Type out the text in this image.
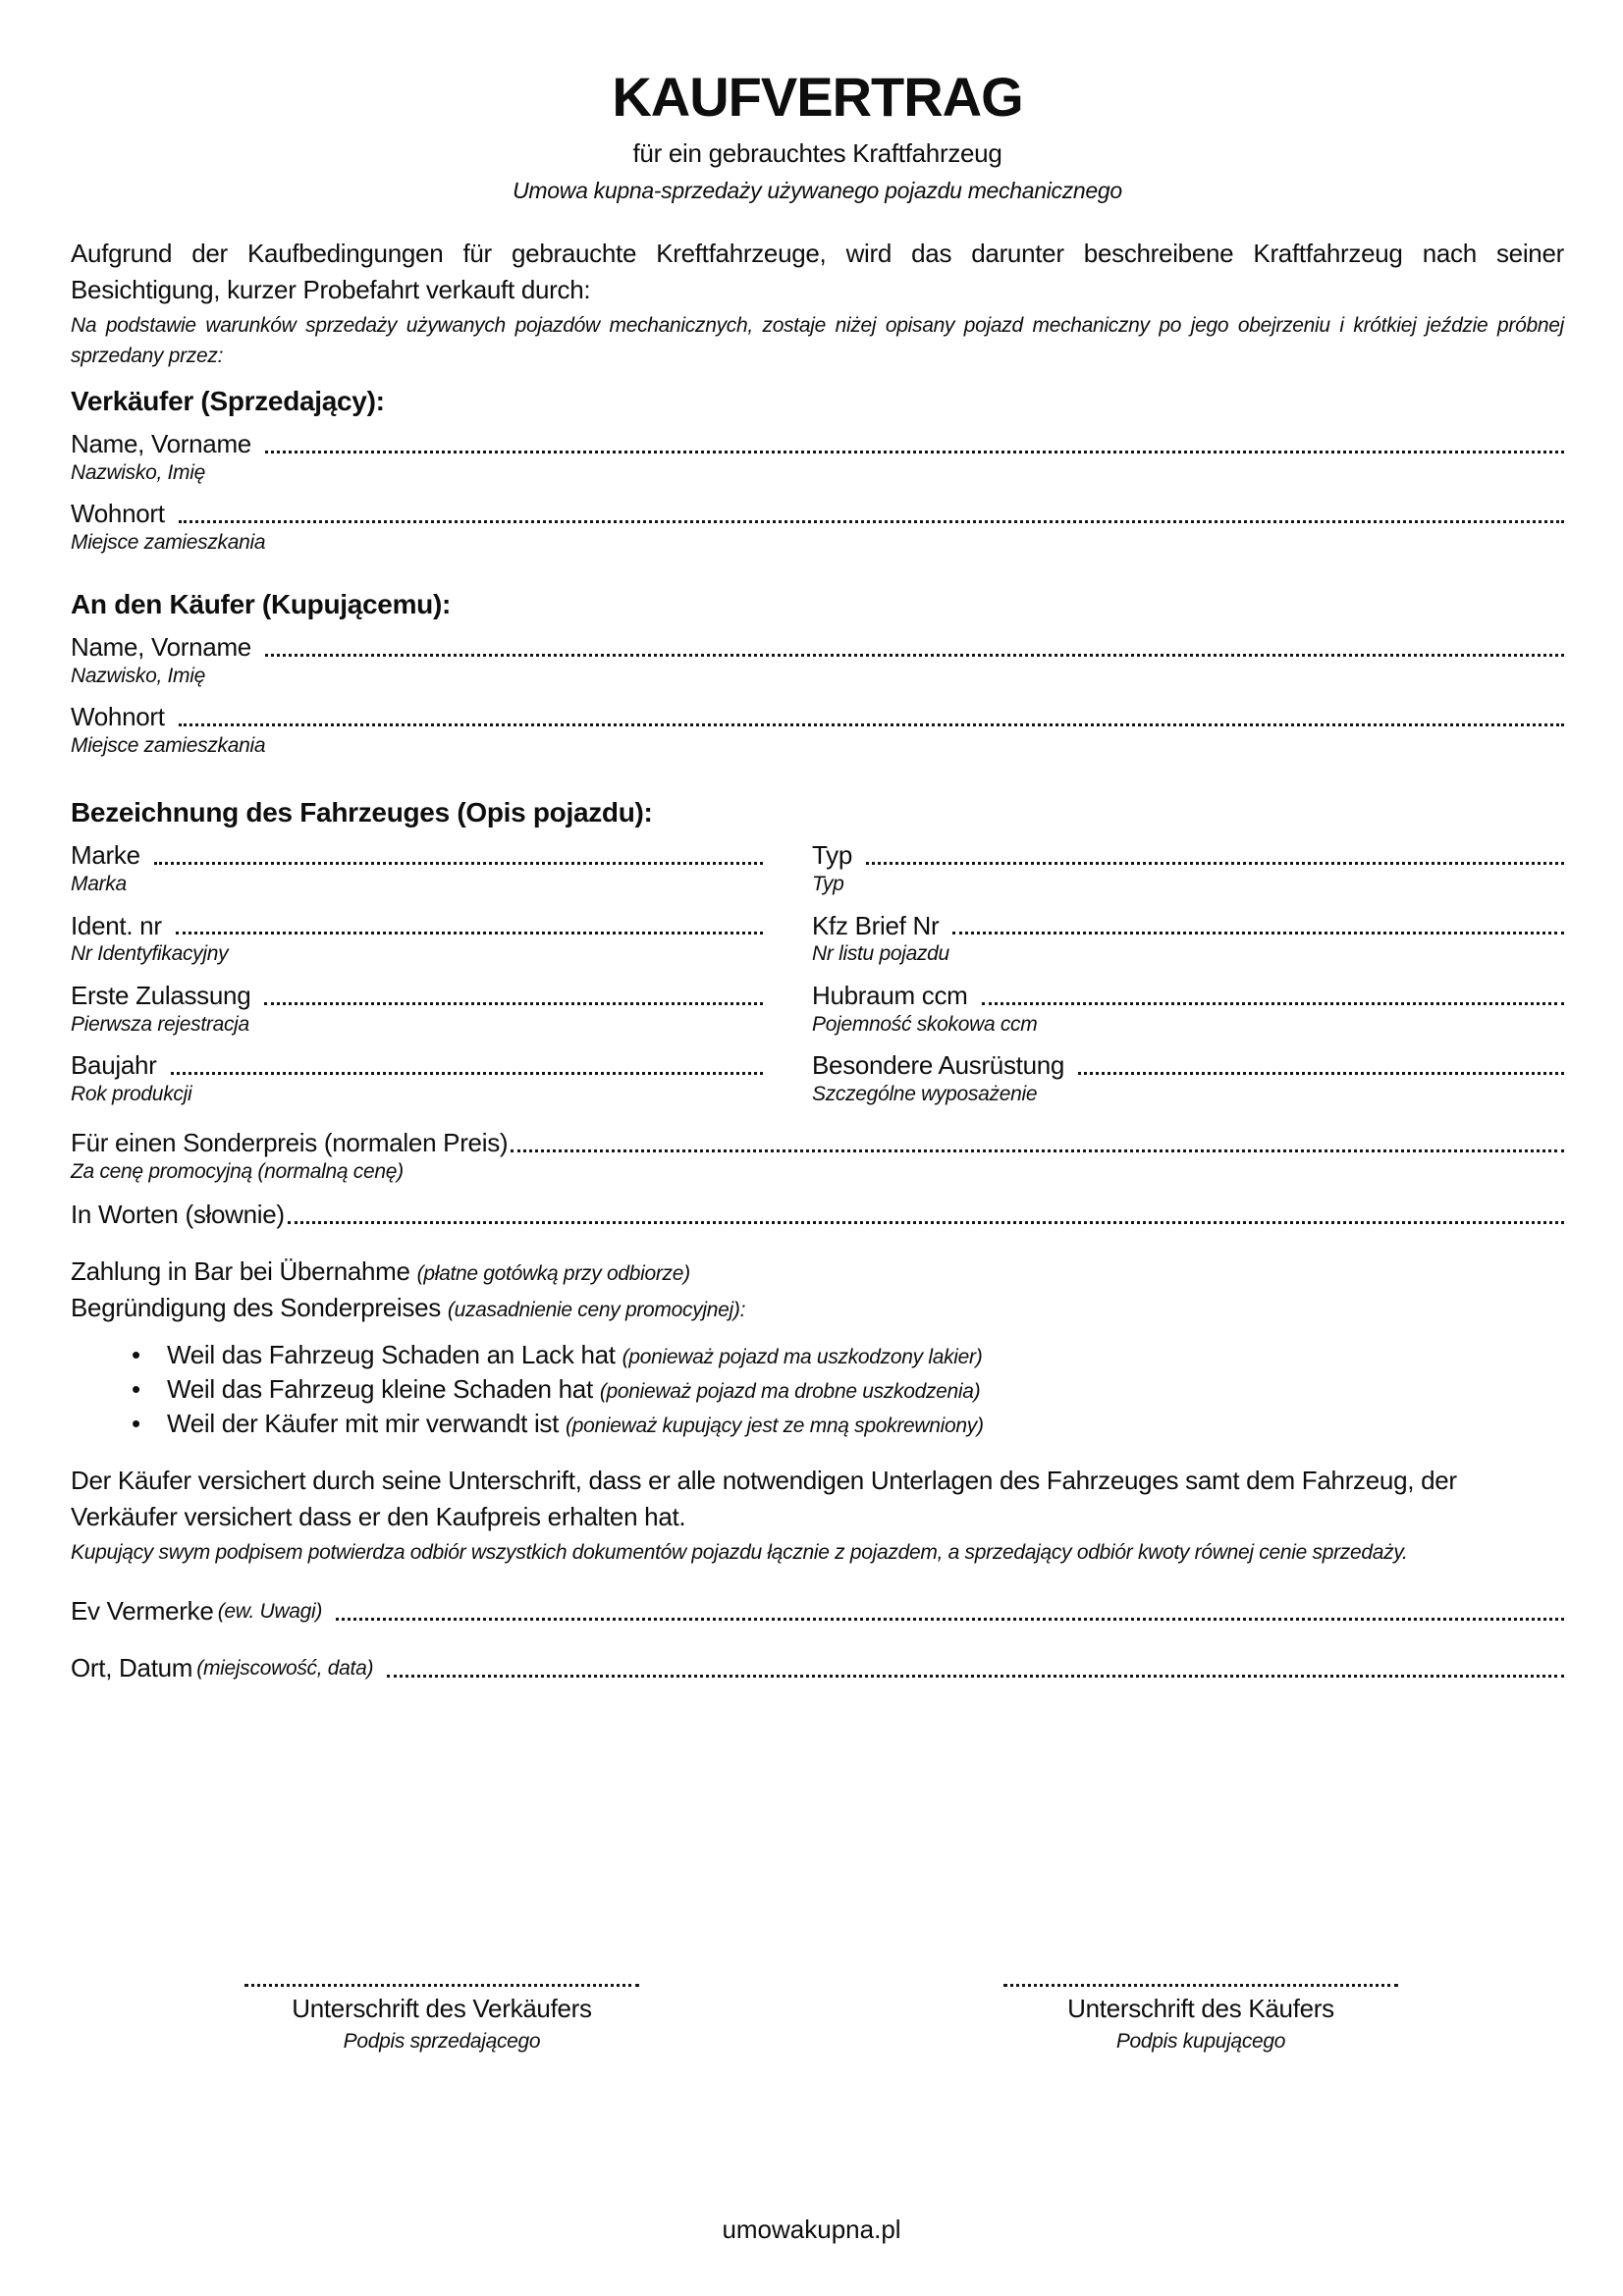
KAUFVERTRAG
für ein gebrauchtes Kraftfahrzeug
Umowa kupna-sprzedaży używanego pojazdu mechanicznego

Aufgrund der Kaufbedingungen für gebrauchte Kreftfahrzeuge, wird das darunter beschreibene Kraftfahrzeug nach seiner Besichtigung, kurzer Probefahrt verkauft durch:

Na podstawie warunków sprzedaży używanych pojazdów mechanicznych, zostaje niżej opisany pojazd mechaniczny po jego obejrzeniu i krótkiej jeździe próbnej sprzedany przez:

Verkäufer (Sprzedający):
Name, Vorname
Nazwisko, Imię
Wohnort
Miejsce zamieszkania
An den Käufer (Kupującemu):
Name, Vorname
Nazwisko, Imię
Wohnort
Miejsce zamieszkania
Bezeichnung des Fahrzeuges (Opis pojazdu):
Marke
Marka
Ident. nr
Nr Identyfikacyjny
Erste Zulassung
Pierwsza rejestracja
Baujahr
Rok produkcji
Typ
Typ
Kfz Brief Nr
Nr listu pojazdu
Hubraum ccm
Pojemność skokowa ccm
Besondere Ausrüstung
Szczególne wyposażenie
Für einen Sonderpreis (normalen Preis)
Za cenę promocyjną (normalną cenę)
In Worten (słownie)

Zahlung in Bar bei Übernahme (płatne gotówką przy odbiorze)

Begründigung des Sonderpreises (uzasadnienie ceny promocyjnej):

• Weil das Fahrzeug Schaden an Lack hat (ponieważ pojazd ma uszkodzony lakier)
• Weil das Fahrzeug kleine Schaden hat (ponieważ pojazd ma drobne uszkodzenia)
• Weil der Käufer mit mir verwandt ist (ponieważ kupujący jest ze mną spokrewniony)

Der Käufer versichert durch seine Unterschrift, dass er alle notwendigen Unterlagen des Fahrzeuges samt dem Fahrzeug, der Verkäufer versichert dass er den Kaufpreis erhalten hat.

Kupujący swym podpisem potwierdza odbiór wszystkich dokumentów pojazdu łącznie z pojazdem, a sprzedający odbiór kwoty równej cenie sprzedaży.

Ev Vermerke
(ew. Uwagi)
Ort, Datum
(miejscowość, data)
Unterschrift des Verkäufers
Podpis sprzedającego
Unterschrift des Käufers
Podpis kupującego
umowakupna.pl
